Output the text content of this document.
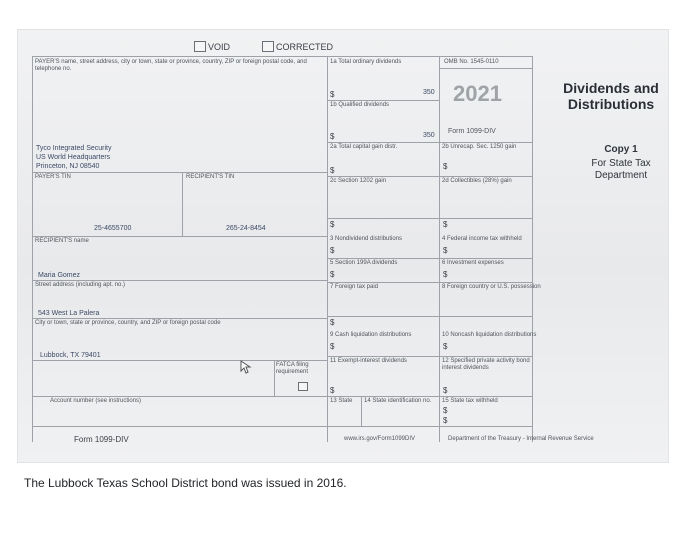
VOID	CORRECTED
PAYER'S name, street address, city or town, state or province, country, ZIP or foreign postal code, and telephone no.
Tyco Integrated Security
US World Headquarters
Princeton, NJ 08540
PAYER'S TIN	RECIPIENT'S TIN
25-4655700	265-24-8454
RECIPIENT'S name
Maria Gomez
Street address (including apt. no.)
543 West La Palera
City or town, state or province, country, and ZIP or foreign postal code
Lubbock, TX 79401
FATCA filing requirement
Account number (see instructions)
Form 1099-DIV	www.irs.gov/Form1099DIV	Department of the Treasury - Internal Revenue Service
1a Total ordinary dividends
$	350
1b Qualified dividends
$	350
2a Total capital gain distr.
$
2c Section 1202 gain
$
3 Nondividend distributions
$
5 Section 199A dividends
$
7 Foreign tax paid
$
9 Cash liquidation distributions
$
11 Exempt-interest dividends
$
13 State 14 State identification no.
OMB No. 1545-0110
2021
Form 1099-DIV
2b Unrecap. Sec. 1250 gain
$
2d Collectibles (28%) gain
$
4 Federal income tax withheld
$
6 Investment expenses
$
8 Foreign country or U.S. possession
10 Noncash liquidation distributions
$
12 Specified private activity bond interest dividends
$
15 State tax withheld
$
$
Dividends and Distributions
Copy 1
For State Tax Department
The Lubbock Texas School District bond was issued in 2016.
